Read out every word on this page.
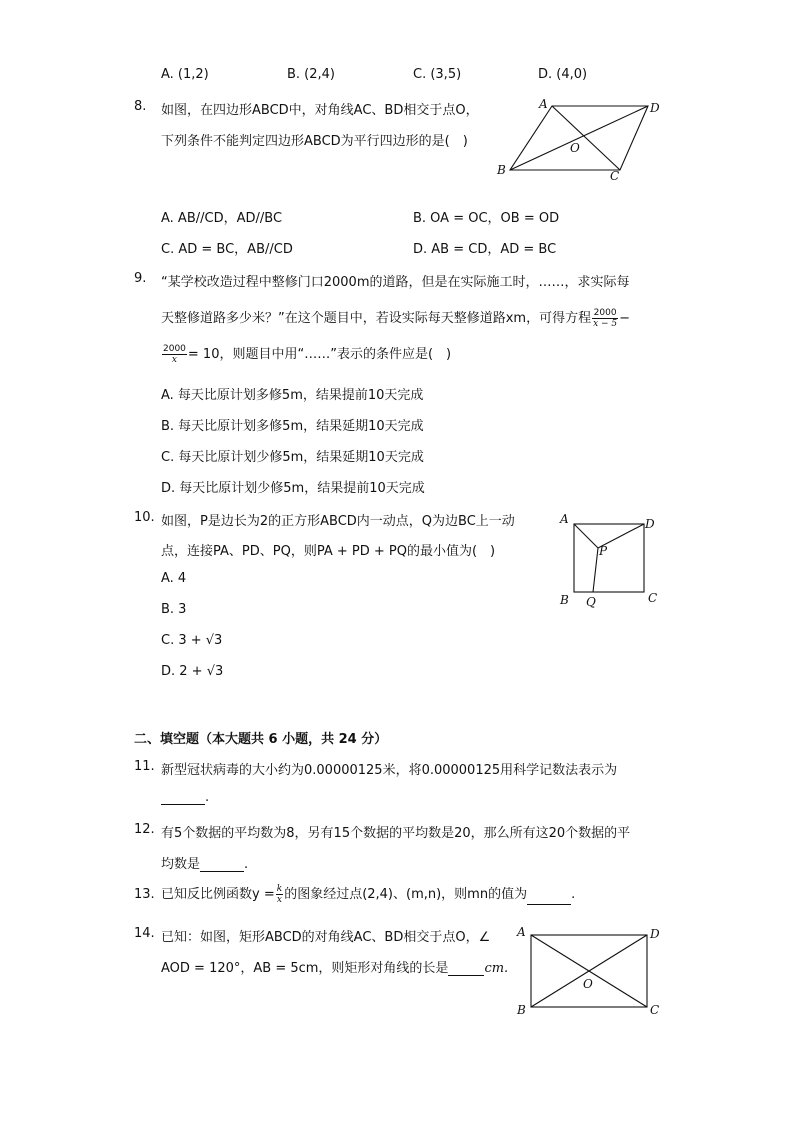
A. (1,2)	B. (2,4)	C. (3,5)	D. (4,0)
8. 如图，在四边形ABCD中，对角线AC、BD相交于点O，
下列条件不能判定四边形ABCD为平行四边形的是(　)
A	D
O
B	C
A. AB//CD，AD//BC	B. OA = OC，OB = OD
C. AD = BC，AB//CD	D. AB = CD，AD = BC
9. “某学校改造过程中整修门口2000m的道路，但是在实际施工时，……，求实际每
天整修道路多少米？”在这个题目中，若设实际每天整修道路xm，可得方程 $\frac{2000}{x - 5}$ −
$\frac{2000}{x} = 10$，则题目中用“……”表示的条件应是(　)
A. 每天比原计划多修5m，结果提前10天完成
B. 每天比原计划多修5m，结果延期10天完成
C. 每天比原计划少修5m，结果延期10天完成
D. 每天比原计划少修5m，结果提前10天完成
10. 如图，P是边长为2的正方形ABCD内一动点，Q为边BC上一动
点，连接PA、PD、PQ，则PA + PD + PQ的最小值为(　)
A. 4
B. 3
C. 3 + √3
D. 2 + √3
A	D
P
B Q	C
二、填空题（本大题共 6 小题，共 24 分）
11. 新型冠状病毒的大小约为0.00000125米，将0.00000125用科学记数法表示为
.
12. 有5个数据的平均数为8，另有15个数据的平均数是20，那么所有这20个数据的平
均数是	.
13. 已知反比例函数$y = \frac{k}{x}$ 的图象经过点(2,4)、(m,n)，则mn的值为	.
14. 已知：如图，矩形ABCD的对角线AC、BD相交于点O，∠
AOD = 120°，AB = 5cm，则矩形对角线的长是	cm.
A	D
O
B	C
